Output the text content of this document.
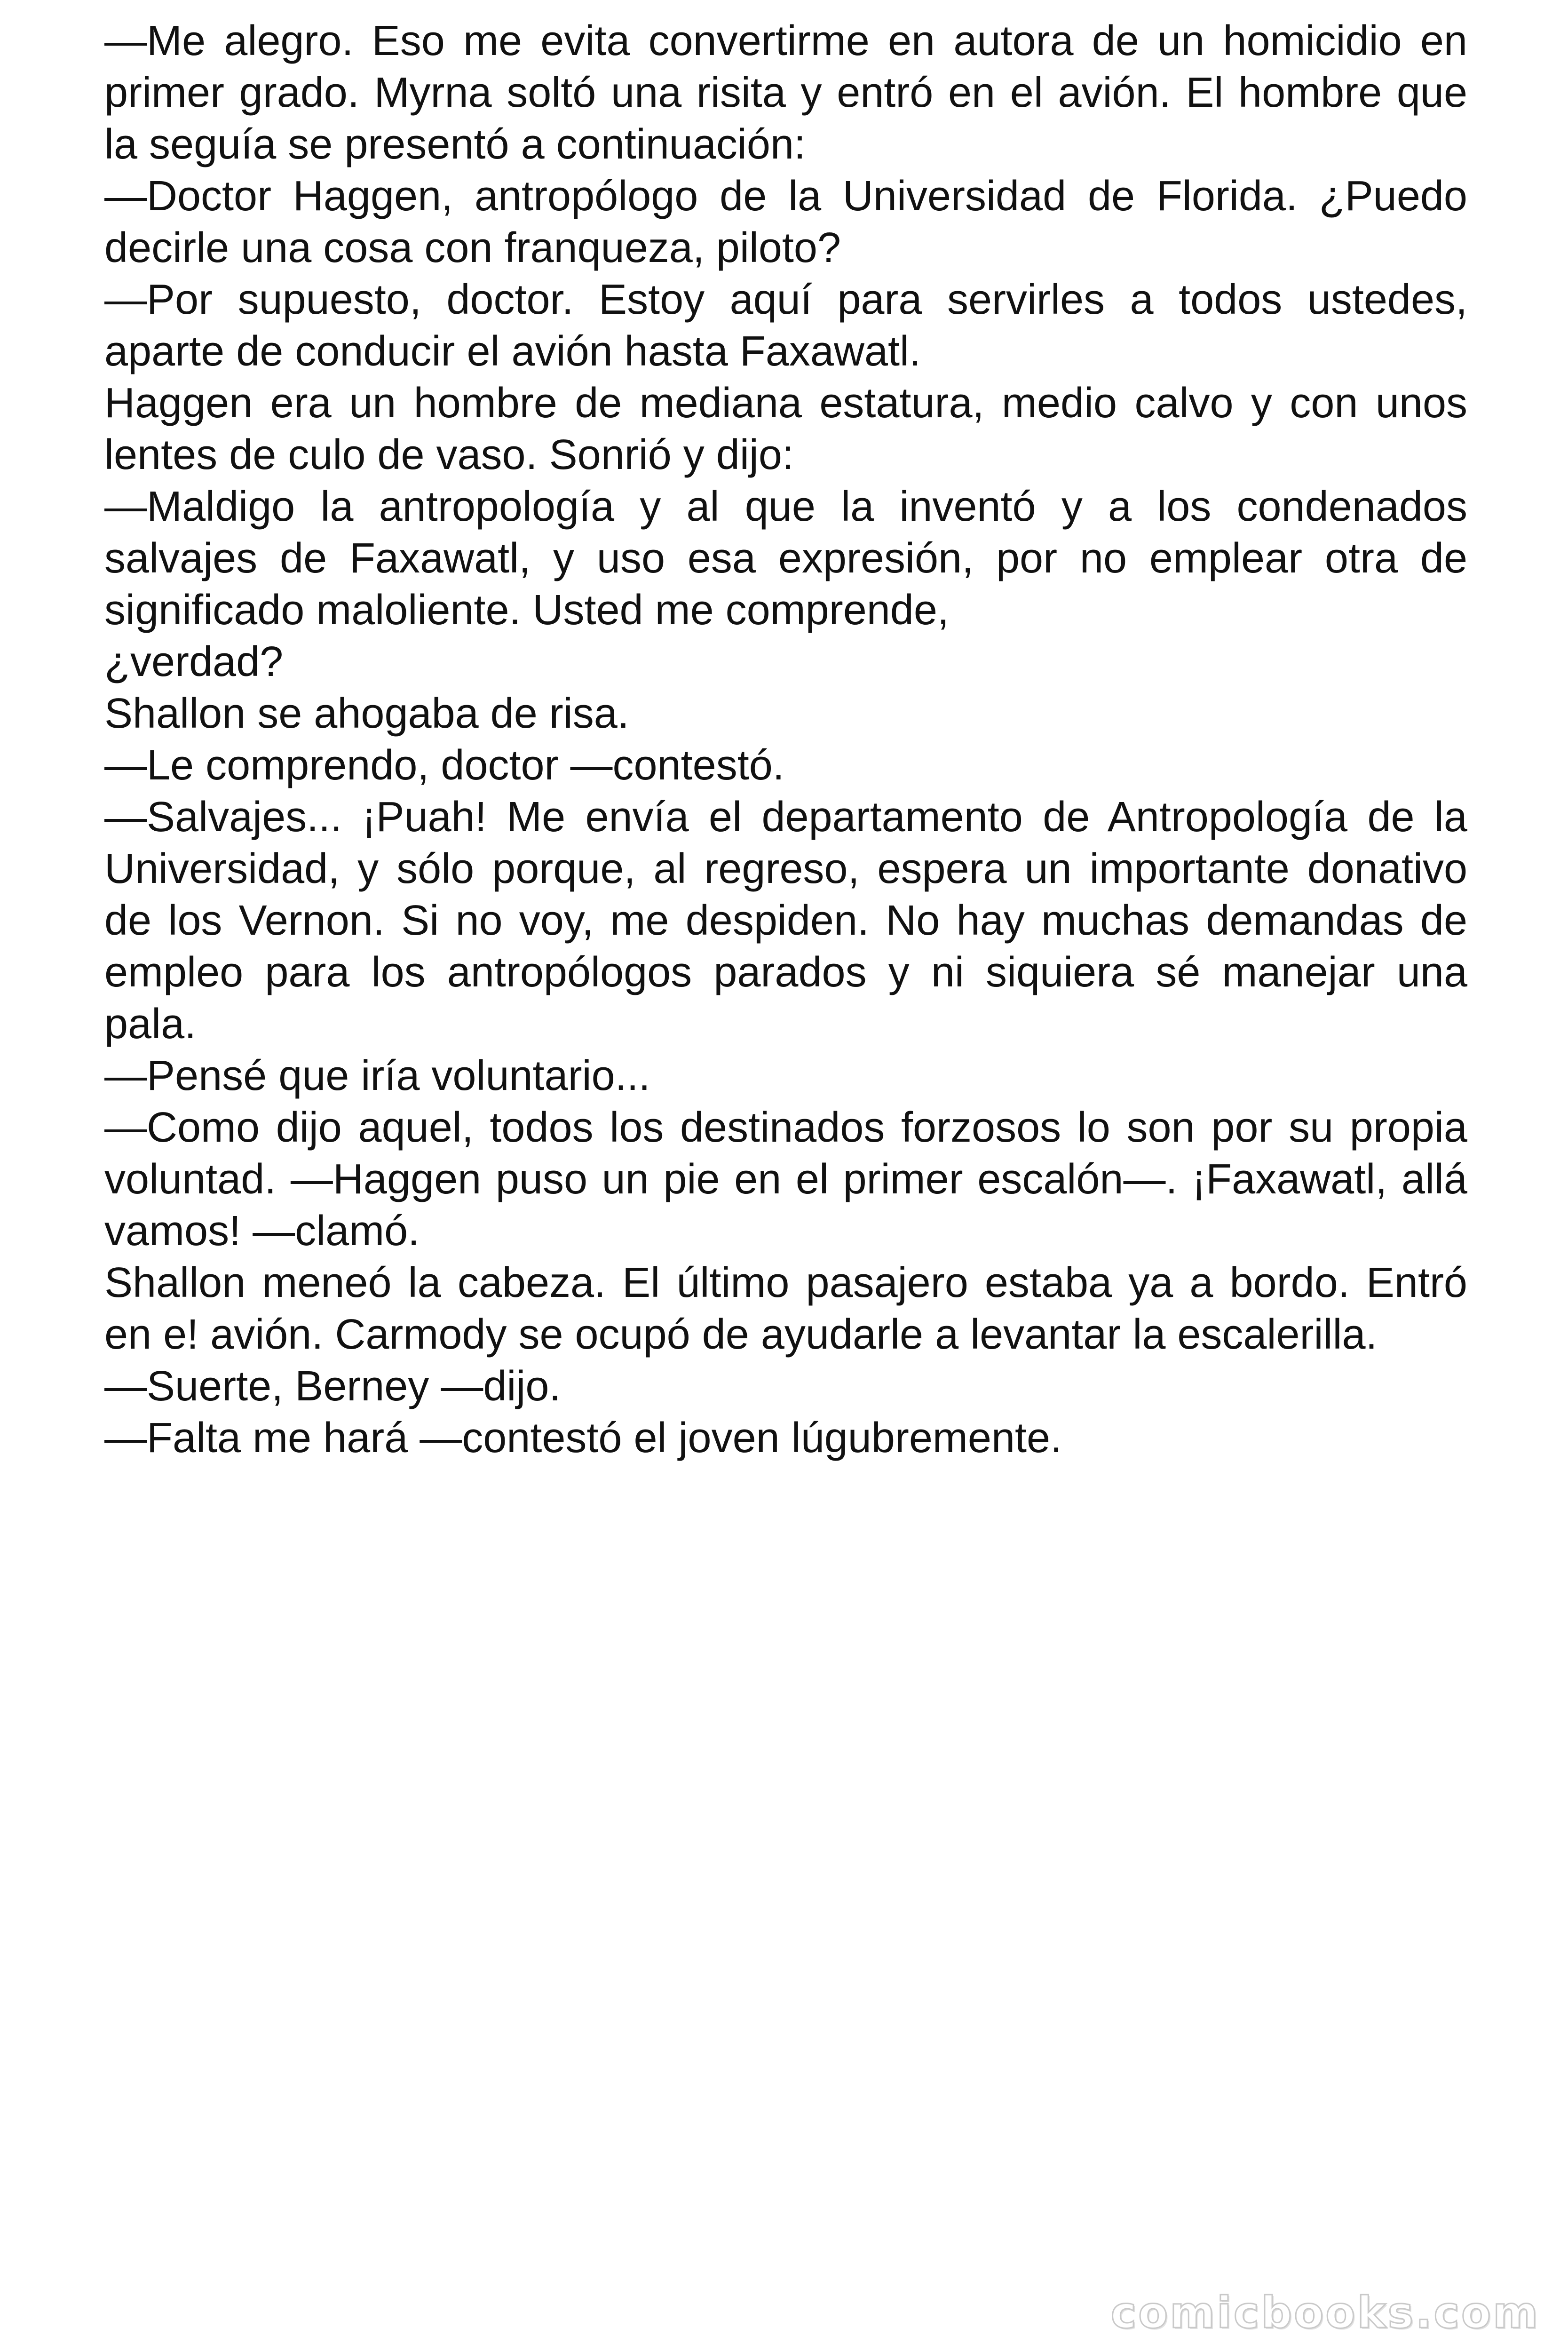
—Me alegro. Eso me evita convertirme en autora de un homicidio en primer grado. Myrna soltó una risita y entró en el avión. El hombre que la seguía se presentó a continuación:

—Doctor Haggen, antropólogo de la Universidad de Florida. ¿Puedo decirle una cosa con franqueza, piloto?

—Por supuesto, doctor. Estoy aquí para servirles a todos ustedes, aparte de conducir el avión hasta Faxawatl.

Haggen era un hombre de mediana estatura, medio calvo y con unos lentes de culo de vaso. Sonrió y dijo:

—Maldigo la antropología y al que la inventó y a los condenados salvajes de Faxawatl, y uso esa expresión, por no emplear otra de significado maloliente. Usted me comprende,

¿verdad?

Shallon se ahogaba de risa.

—Le comprendo, doctor —contestó.

—Salvajes... ¡Puah! Me envía el departamento de Antropología de la Universidad, y sólo porque, al regreso, espera un importante donativo de los Vernon. Si no voy, me despiden. No hay muchas demandas de empleo para los antropólogos parados y ni siquiera sé manejar una pala.

—Pensé que iría voluntario...

—Como dijo aquel, todos los destinados forzosos lo son por su propia voluntad. —Haggen puso un pie en el primer escalón—. ¡Faxawatl, allá vamos! —clamó.

Shallon meneó la cabeza. El último pasajero estaba ya a bordo. Entró en e! avión. Carmody se ocupó de ayudarle a levantar la escalerilla.

—Suerte, Berney —dijo.

—Falta me hará —contestó el joven lúgubremente.

comicbooks.com
